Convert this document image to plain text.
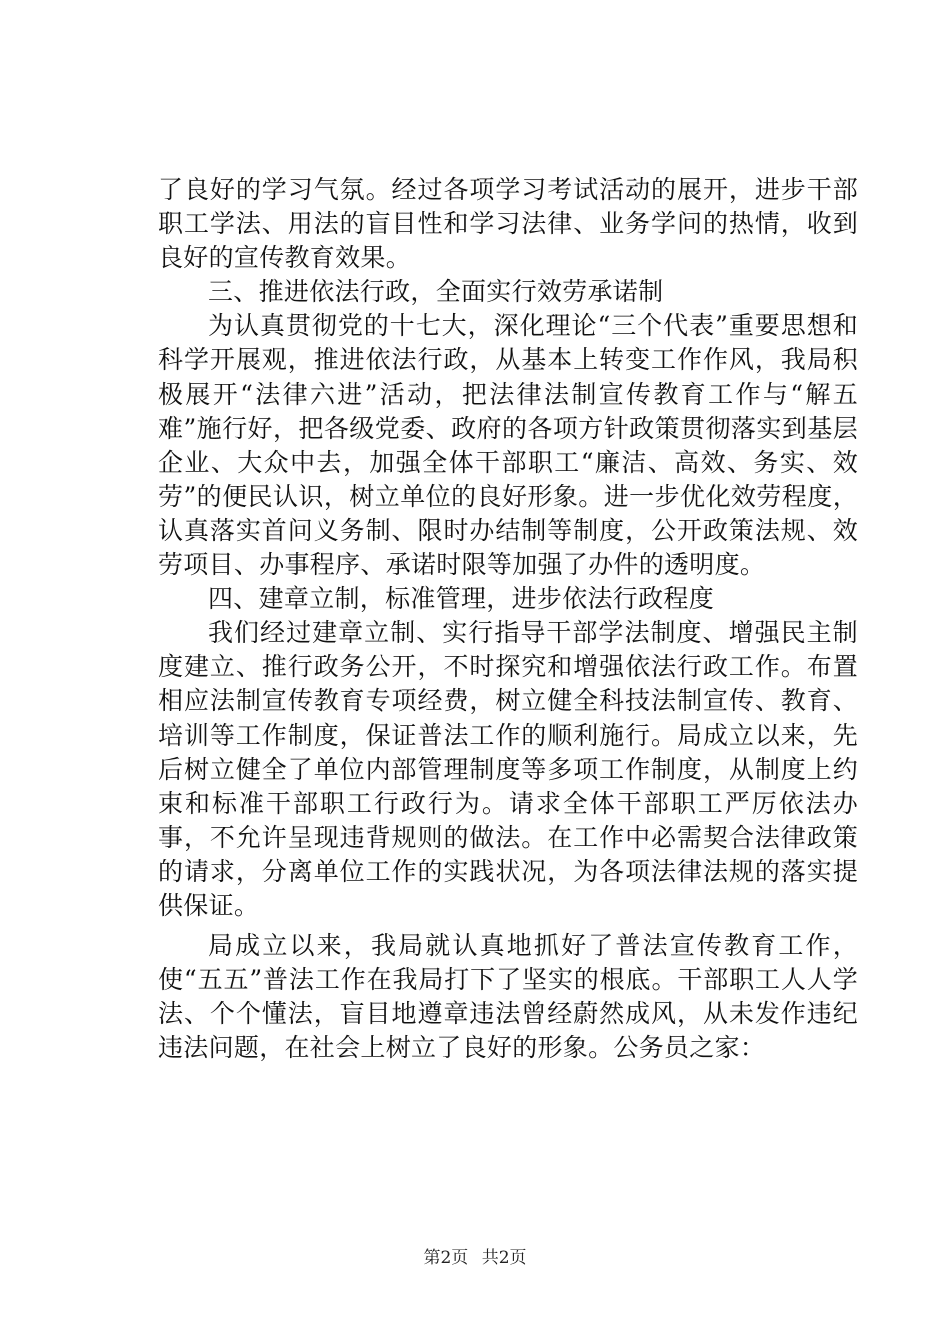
了良好的学习气氛。经过各项学习考试活动的展开，进步干部职工学法、用法的盲目性和学习法律、业务学问的热情，收到良好的宣传教育效果。

三、推进依法行政，全面实行效劳承诺制

为认真贯彻党的十七大，深化理论“三个代表”重要思想和科学开展观，推进依法行政，从基本上转变工作作风，我局积极展开“法律六进”活动，把法律法制宣传教育工作与“解五难”施行好，把各级党委、政府的各项方针政策贯彻落实到基层企业、大众中去，加强全体干部职工“廉洁、高效、务实、效劳”的便民认识，树立单位的良好形象。进一步优化效劳程度，认真落实首问义务制、限时办结制等制度，公开政策法规、效劳项目、办事程序、承诺时限等加强了办件的透明度。

四、建章立制，标准管理，进步依法行政程度

我们经过建章立制、实行指导干部学法制度、增强民主制度建立、推行政务公开，不时探究和增强依法行政工作。布置相应法制宣传教育专项经费，树立健全科技法制宣传、教育、培训等工作制度，保证普法工作的顺利施行。局成立以来，先后树立健全了单位内部管理制度等多项工作制度，从制度上约束和标准干部职工行政行为。请求全体干部职工严厉依法办事，不允许呈现违背规则的做法。在工作中必需契合法律政策的请求，分离单位工作的实践状况，为各项法律法规的落实提供保证。

局成立以来，我局就认真地抓好了普法宣传教育工作，使“五五”普法工作在我局打下了坚实的根底。干部职工人人学法、个个懂法，盲目地遵章违法曾经蔚然成风，从未发作违纪违法问题，在社会上树立了良好的形象。公务员之家：

第2页 共2页
